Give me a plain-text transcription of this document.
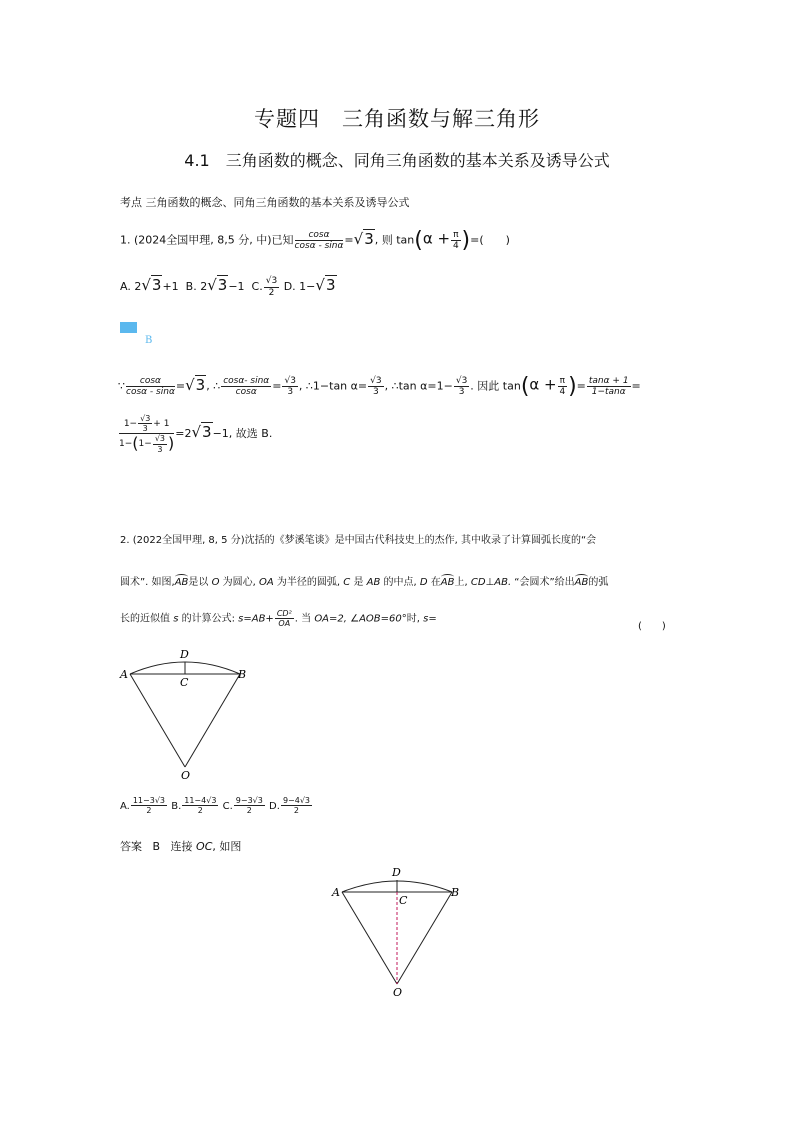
专题四　三角函数与解三角形
4.1　三角函数的概念、同角三角函数的基本关系及诱导公式
考点 三角函数的概念、同角三角函数的基本关系及诱导公式
1. (2024全国甲理, 8,5 分, 中)已知 $\frac{\cos\alpha}{\cos\alpha - \sin\alpha} =√3$, 则 $\tan(\alpha + \frac{\pi}{4}$ )=(　　)
A. 2√3+1 B. 2√3−1 C. $\frac{√3}{2} D$. 1−√3
B
∵ $\frac{\cos\alpha}{\cos\alpha - \sin\alpha} =√3$, ∴ $\frac{\cos\alpha- \sin\alpha}{\cos\alpha} = \frac{√3}{3}$ , ∴1−tan $\alpha= \frac{√3}{3}$ , ∴tan $\alpha=1- \frac{√3}{3}$ . 因此 $\tan(\alpha + \frac{\pi}{4}$ )= $\frac{\tan\alpha + 1}{1-\tan\alpha}$ =
$\frac{1- \frac{√3}{3} + 1}{1-(1- \frac{√3}{3} )} =2√3-1$, 故选 B.
2. (2022全国甲理, 8, 5 分)沈括的《梦溪笔谈》是中国古代科技史上的杰作, 其中收录了计算圆弧长度的“会
圆术”. 如图,AB是以 O 为圆心, OA 为半径的圆弧, C 是 AB 的中点, D 在AB上, CD⊥AB. “会圆术”给出AB的弧
长的近似值 s 的计算公式: $s=AB+ \frac{\text{CD²}}{OA}$ . 当 OA=2, ∠AOB=60°时, s=
(　　)
D
A	B
C
O
A. $\frac{11-3√3}{2} B$. $\frac{11-4√3}{2} C$. $\frac{9-3√3}{2} D$. $\frac{9-4√3}{2}$
答案 B 连接 OC, 如图
D
A	B
C
O
